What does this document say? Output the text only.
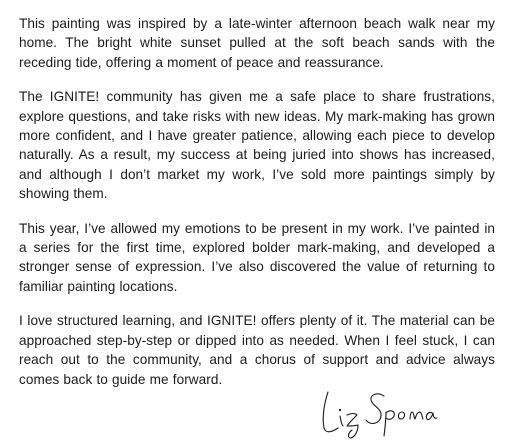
This painting was inspired by a late-winter afternoon beach walk near my home. The bright white sunset pulled at the soft beach sands with the receding tide, offering a moment of peace and reassurance.

The IGNITE! community has given me a safe place to share frustrations, explore questions, and take risks with new ideas. My mark-making has grown more confident, and I have greater patience, allowing each piece to develop naturally. As a result, my success at being juried into shows has increased, and although I don’t market my work, I’ve sold more paintings simply by showing them.

This year, I’ve allowed my emotions to be present in my work. I’ve painted in a series for the first time, explored bolder mark-making, and developed a stronger sense of expression. I’ve also discovered the value of returning to familiar painting locations.

I love structured learning, and IGNITE! offers plenty of it. The material can be approached step-by-step or dipped into as needed. When I feel stuck, I can reach out to the community, and a chorus of support and advice always comes back to guide me forward.
